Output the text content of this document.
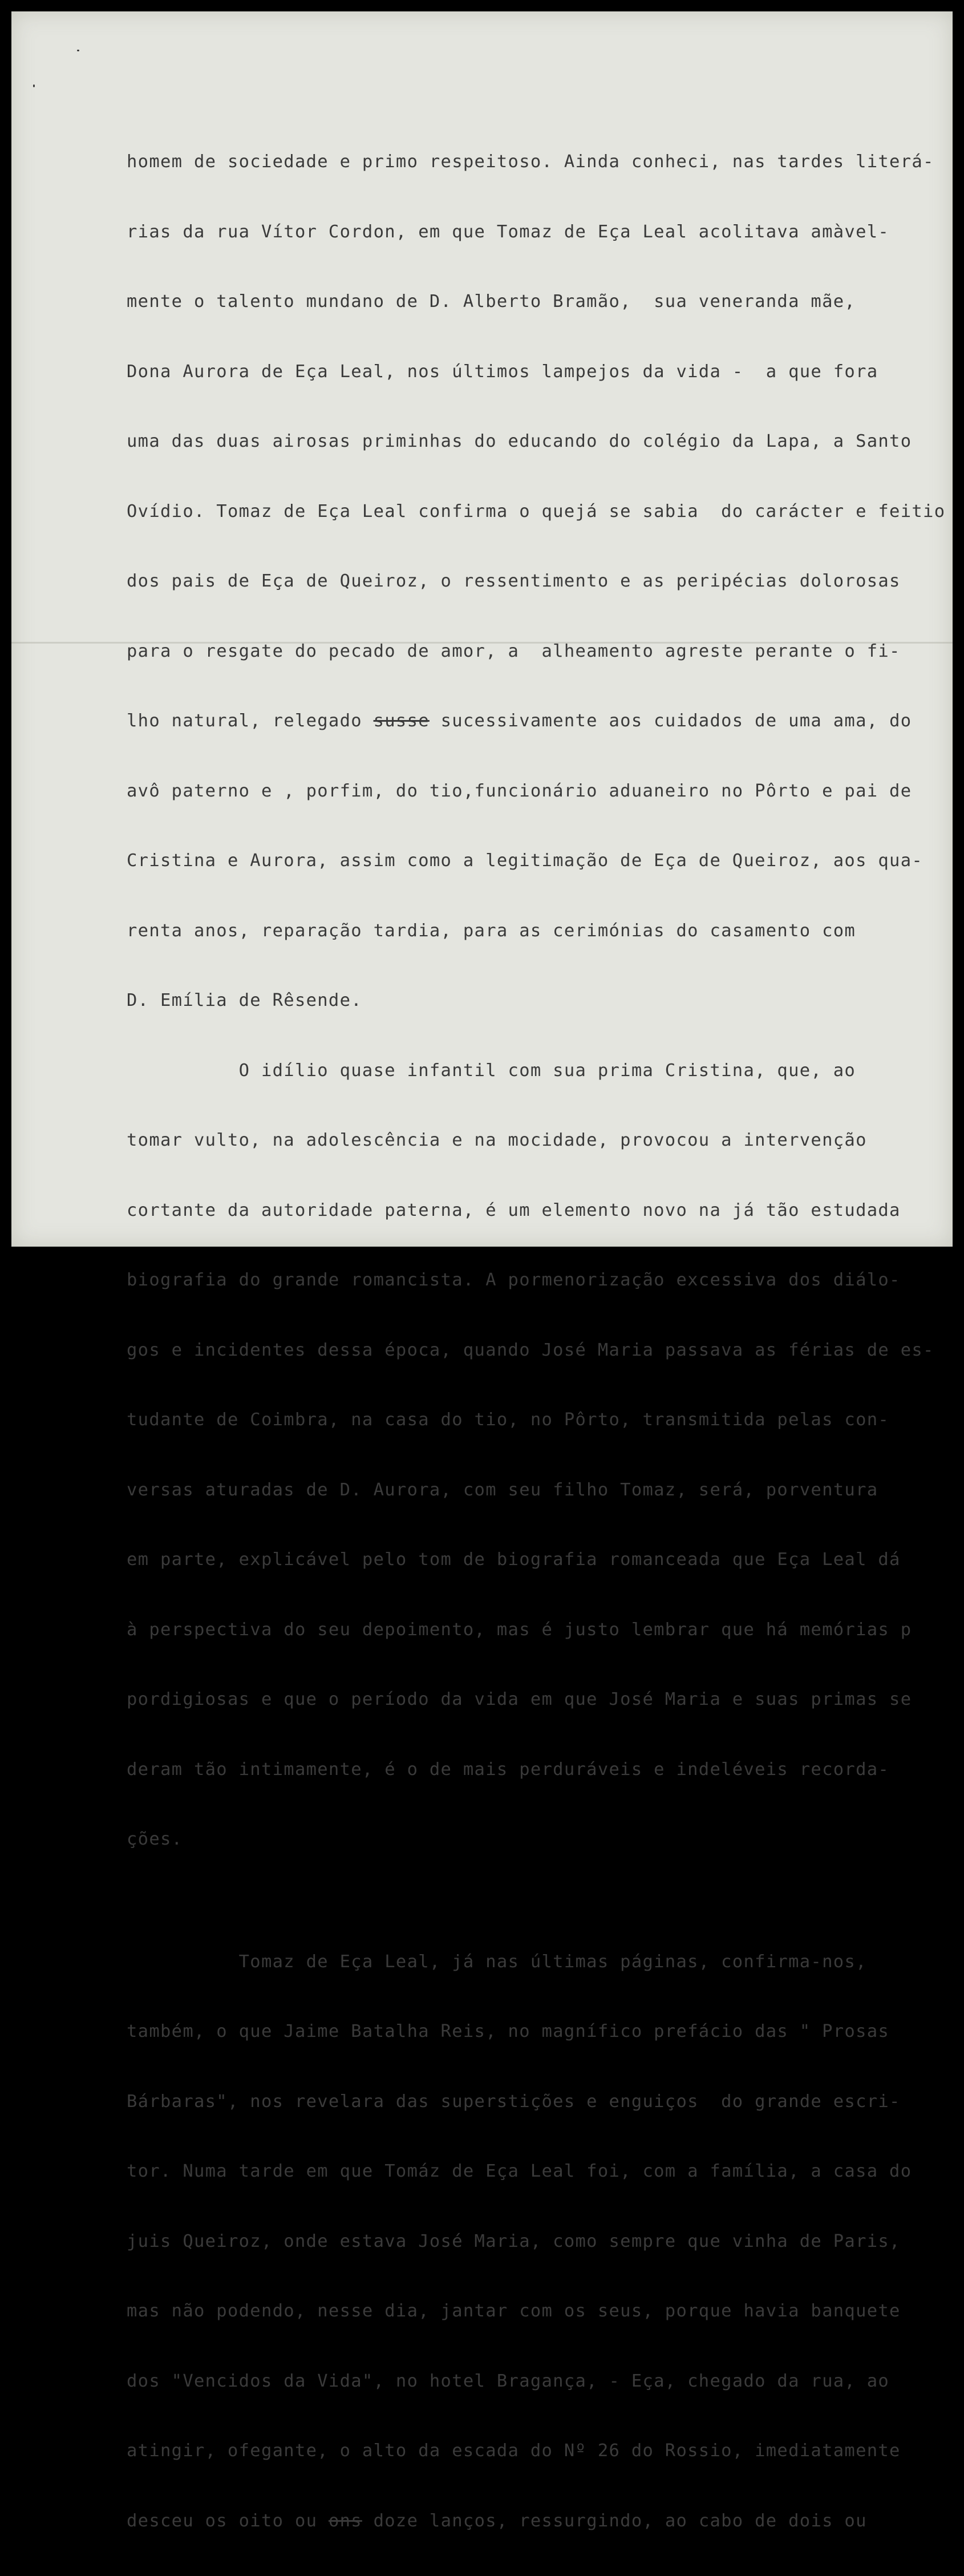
homem de sociedade e primo respeitoso. Ainda conheci, nas tardes literá-

rias da rua Vítor Cordon, em que Tomaz de Eça Leal acolitava amàvel-

mente o talento mundano de D. Alberto Bramão,  sua veneranda mãe,

Dona Aurora de Eça Leal, nos últimos lampejos da vida -  a que fora

uma das duas airosas priminhas do educando do colégio da Lapa, a Santo

Ovídio. Tomaz de Eça Leal confirma o quejá se sabia  do carácter e feitio

dos pais de Eça de Queiroz, o ressentimento e as peripécias dolorosas

para o resgate do pecado de amor, a  alheamento agreste perante o fi-

lho natural, relegado susse sucessivamente aos cuidados de uma ama, do

avô paterno e , porfim, do tio,funcionário aduaneiro no Pôrto e pai de

Cristina e Aurora, assim como a legitimação de Eça de Queiroz, aos qua-

renta anos, reparação tardia, para as cerimónias do casamento com

D. Emília de Rêsende.

O idílio quase infantil com sua prima Cristina, que, ao

tomar vulto, na adolescência e na mocidade, provocou a intervenção

cortante da autoridade paterna, é um elemento novo na já tão estudada

biografia do grande romancista. A pormenorização excessiva dos diálo-

gos e incidentes dessa época, quando José Maria passava as férias de es-

tudante de Coimbra, na casa do tio, no Pôrto, transmitida pelas con-

versas aturadas de D. Aurora, com seu filho Tomaz, será, porventura

em parte, explicável pelo tom de biografia romanceada que Eça Leal dá

à perspectiva do seu depoimento, mas é justo lembrar que há memórias p

pordigiosas e que o período da vida em que José Maria e suas primas se

deram tão intimamente, é o de mais perduráveis e indeléveis recorda-

ções.

Tomaz de Eça Leal, já nas últimas páginas, confirma-nos,

também, o que Jaime Batalha Reis, no magnífico prefácio das " Prosas

Bárbaras", nos revelara das superstições e enguiços  do grande escri-

tor. Numa tarde em que Tomáz de Eça Leal foi, com a família, a casa do

juis Queiroz, onde estava José Maria, como sempre que vinha de Paris,

mas não podendo, nesse dia, jantar com os seus, porque havia banquete

dos "Vencidos da Vida", no hotel Bragança, - Eça, chegado da rua, ao

atingir, ofegante, o alto da escada do Nº 26 do Rossio, imediatamente

desceu os oito ou ons doze lanços, ressurgindo, ao cabo de dois ou
